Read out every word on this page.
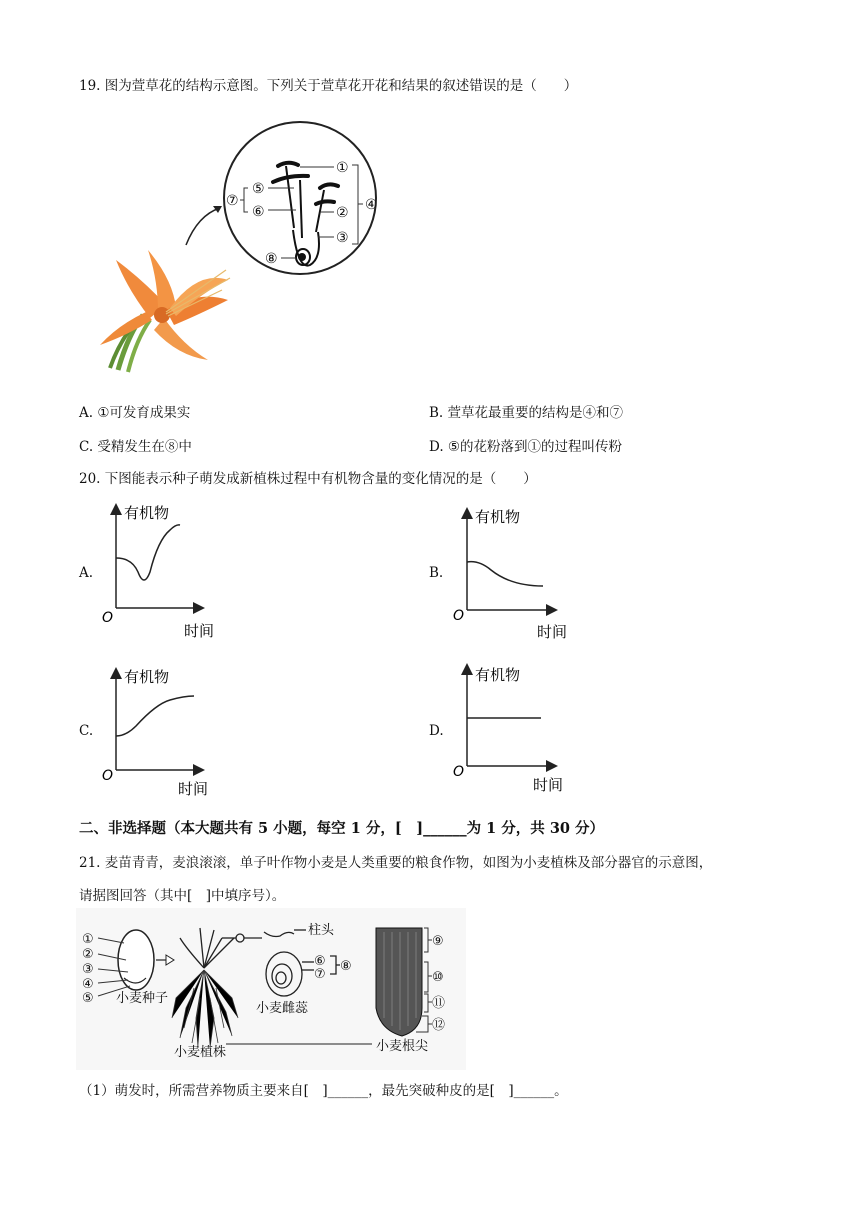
19. 图为萱草花的结构示意图。下列关于萱草花开花和结果的叙述错误的是（　　）
①
②
③
④
⑤
⑥
⑦
⑧
A. ①可发育成果实	B. 萱草花最重要的结构是④和⑦
C. 受精发生在⑧中	D. ⑤的花粉落到①的过程叫传粉
20. 下图能表示种子萌发成新植株过程中有机物含量的变化情况的是（　　）
A.
有机物
O
时间
B.
有机物
O
时间
C.
有机物
O
时间
D.
有机物
O
时间
二、非选择题（本大题共有 5 小题，每空 1 分，[　]______为 1 分，共 30 分）
21. 麦苗青青，麦浪滚滚，单子叶作物小麦是人类重要的粮食作物，如图为小麦植株及部分器官的示意图，
请据图回答（其中[　]中填序号）。
①
②
③
④
⑤ 小麦种子
小麦植株
柱头
⑥
⑦
⑧
小麦雌蕊
⑨
⑩
⑪
⑫
小麦根尖
（1）萌发时，所需营养物质主要来自[　]______，最先突破种皮的是[　]______。
